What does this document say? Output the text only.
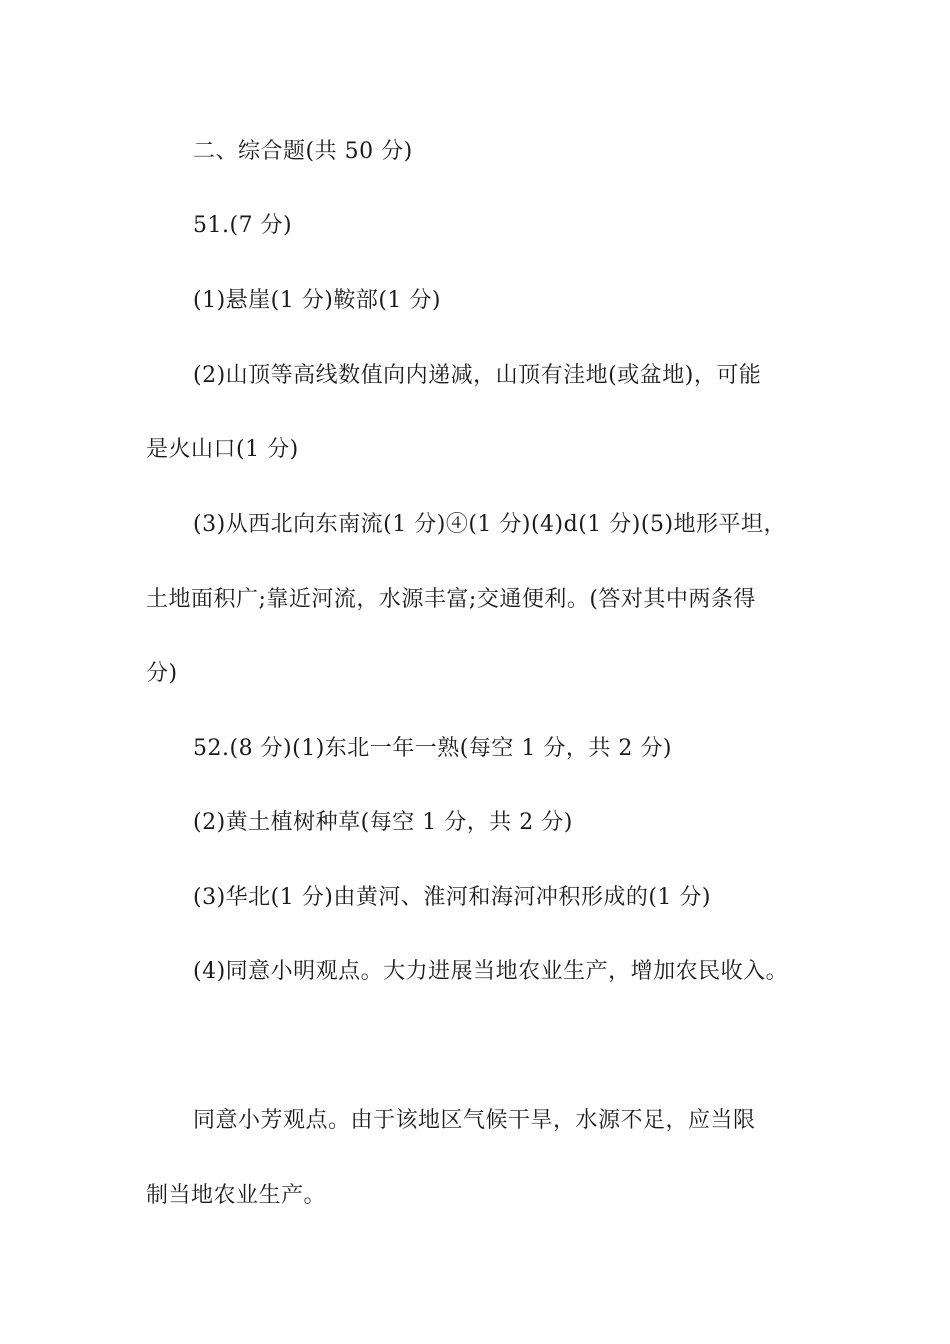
二、综合题(共 50 分)
51.(7 分)
(1)悬崖(1 分)鞍部(1 分)
(2)山顶等高线数值向内递减，山顶有洼地(或盆地)，可能
是火山口(1 分)
(3)从西北向东南流(1 分)④(1 分)(4)d(1 分)(5)地形平坦，
土地面积广;靠近河流，水源丰富;交通便利。(答对其中两条得
分)
52.(8 分)(1)东北一年一熟(每空 1 分，共 2 分)
(2)黄土植树种草(每空 1 分，共 2 分)
(3)华北(1 分)由黄河、淮河和海河冲积形成的(1 分)
(4)同意小明观点。大力进展当地农业生产，增加农民收入。
同意小芳观点。由于该地区气候干旱，水源不足，应当限
制当地农业生产。
